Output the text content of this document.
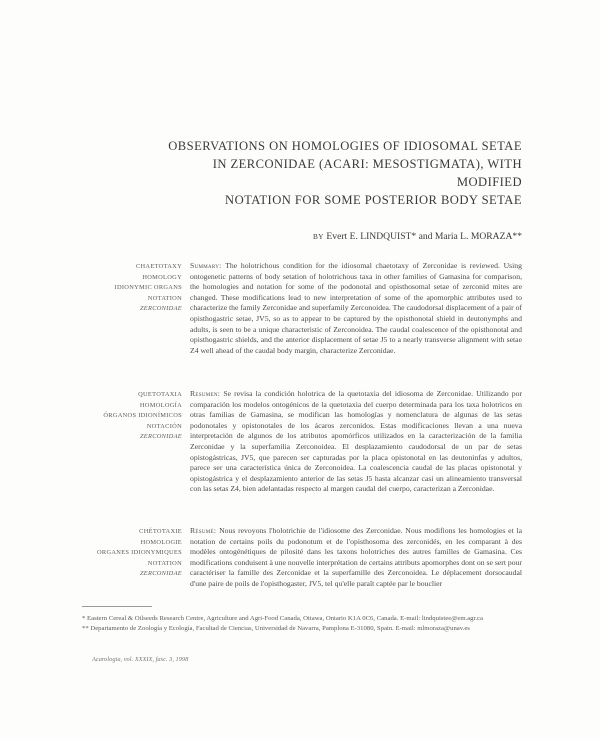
OBSERVATIONS ON HOMOLOGIES OF IDIOSOMAL SETAE
IN ZERCONIDAE (ACARI: MESOSTIGMATA), WITH MODIFIED
NOTATION FOR SOME POSTERIOR BODY SETAE
BY Evert E. LINDQUIST* and Maria L. MORAZA**
CHAETOTAXY
HOMOLOGY
IDIONYMIC ORGANS
NOTATION
ZERCONIDAE
Summary: The holotrichous condition for the idiosomal chaetotaxy of Zerconidae is reviewed. Using ontogenetic patterns of body setation of holotrichous taxa in other families of Gamasina for comparison, the homologies and notation for some of the podonotal and opisthosomal setae of zerconid mites are changed. These modifications lead to new interpretation of some of the apomorphic attributes used to characterize the family Zerconidae and superfamily Zerconoidea. The caudodorsal displacement of a pair of opisthogastric setae, JV5, so as to appear to be captured by the opisthonotal shield in deutonymphs and adults, is seen to be a unique characteristic of Zerconoidea. The caudal coalescence of the opisthonotal and opisthogastric shields, and the anterior displacement of setae J5 to a nearly transverse alignment with setae Z4 well ahead of the caudal body margin, characterize Zerconidae.
QUETOTAXIA
HOMOLOGÍA
ÓRGANOS IDIONÍMICOS
NOTACIÓN
ZERCONIDAE
Resumen: Se revisa la condición holotrica de la quetotaxia del idiosoma de Zerconidae. Utilizando por comparación los modelos ontogénicos de la quetotaxia del cuerpo determinada para los taxa holotricos en otras familias de Gamasina, se modifican las homologías y nomenclatura de algunas de las setas podonotales y opistonotales de los ácaros zerconidos. Estas modificaciones llevan a una nueva interpretación de algunos de los atributos apomórficos utilizados en la caracterización de la familia Zerconidae y la superfamilia Zerconoidea. El desplazamiento caudodorsal de un par de setas opistogástricas, JV5, que parecen ser capturadas por la placa opistonotal en las deutoninfas y adultos, parece ser una característica única de Zerconoidea. La coalescencia caudal de las placas opistonotal y opistogástrica y el desplazamiento anterior de las setas J5 hasta alcanzar casi un alineamiento transversal con las setas Z4, bien adelantadas respecto al margen caudal del cuerpo, caracterizan a Zerconidae.
CHÉTOTAXIE
HOMOLOGIE
ORGANES IDIONYMIQUES
NOTATION
ZERCONIDAE
Résumé: Nous revoyons l'holotrichie de l'idiosome des Zerconidae. Nous modifions les homologies et la notation de certains poils du podonotum et de l'opisthosoma des zerconidés, en les comparant à des modèles ontogénétiques de pilosité dans les taxons holotriches des autres familles de Gamasina. Ces modifications conduisent à une nouvelle interprétation de certains attributs apomorphes dont on se sert pour caractériser la famille des Zerconidae et la superfamille des Zerconoidea. Le déplacement dorsocaudal d'une paire de poils de l'opisthogaster, JV5, tel qu'elle paraît captée par le bouclier

* Eastern Cereal & Oilseeds Research Centre, Agriculture and Agri-Food Canada, Ottawa, Ontario K1A 0C6, Canada. E-mail: lindquistee@em.agr.ca

** Departamento de Zoología y Ecología, Facultad de Ciencias, Universidad de Navarra, Pamplona E-31080, Spain. E-mail: mlmoraza@unav.es

Acarologia, vol. XXXIX, fasc. 3, 1998
